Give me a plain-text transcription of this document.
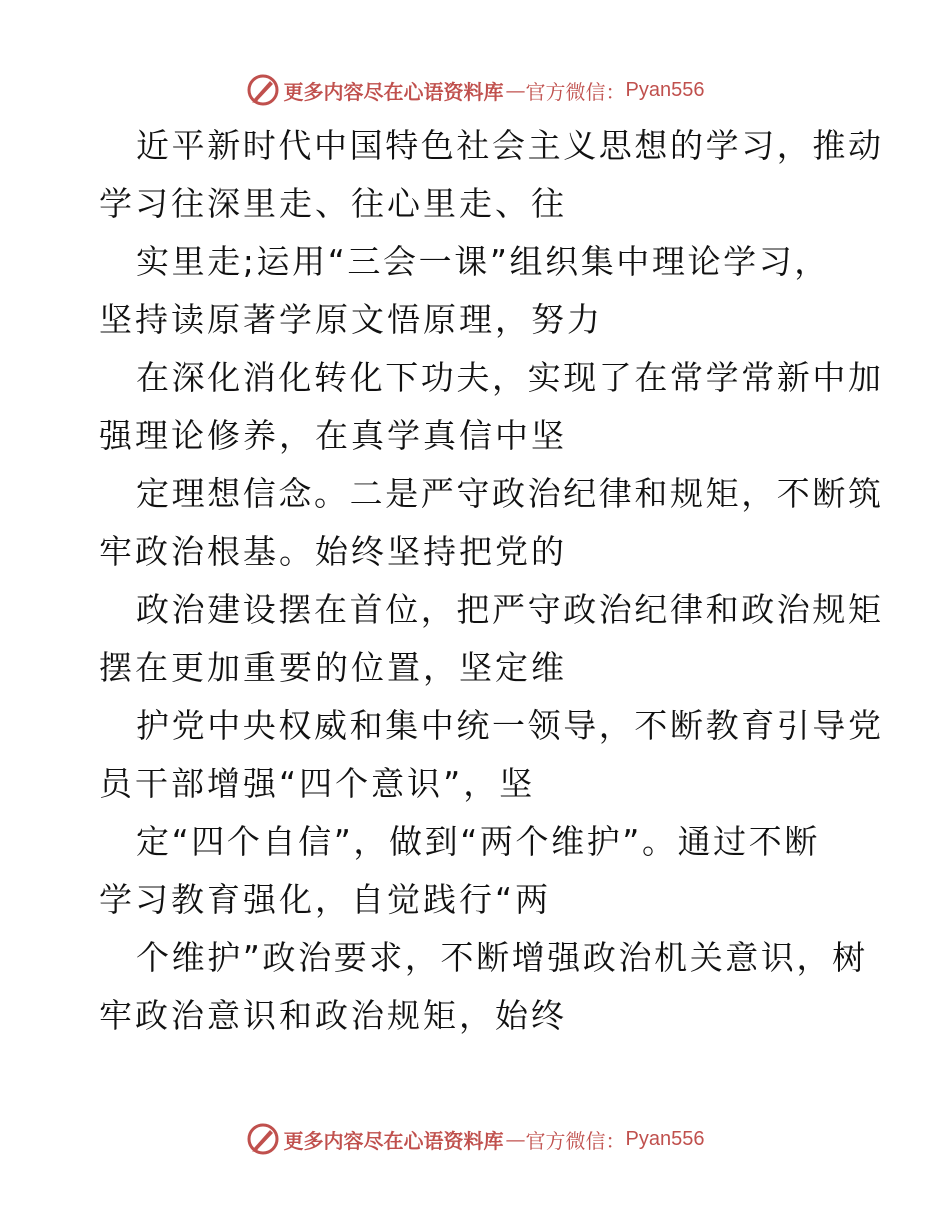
更多内容尽在心语资料库 — 官方微信： Pyan556
近平新时代中国特色社会主义思想的学习，推动
学习往深里走、往心里走、往
实里走;运用“三会一课”组织集中理论学习，
坚持读原著学原文悟原理，努力
在深化消化转化下功夫，实现了在常学常新中加
强理论修养，在真学真信中坚
定理想信念。二是严守政治纪律和规矩，不断筑
牢政治根基。始终坚持把党的
政治建设摆在首位，把严守政治纪律和政治规矩
摆在更加重要的位置，坚定维
护党中央权威和集中统一领导，不断教育引导党
员干部增强“四个意识”，坚
定“四个自信”，做到“两个维护”。通过不断
学习教育强化，自觉践行“两
个维护”政治要求，不断增强政治机关意识，树
牢政治意识和政治规矩，始终
更多内容尽在心语资料库 — 官方微信： Pyan556
